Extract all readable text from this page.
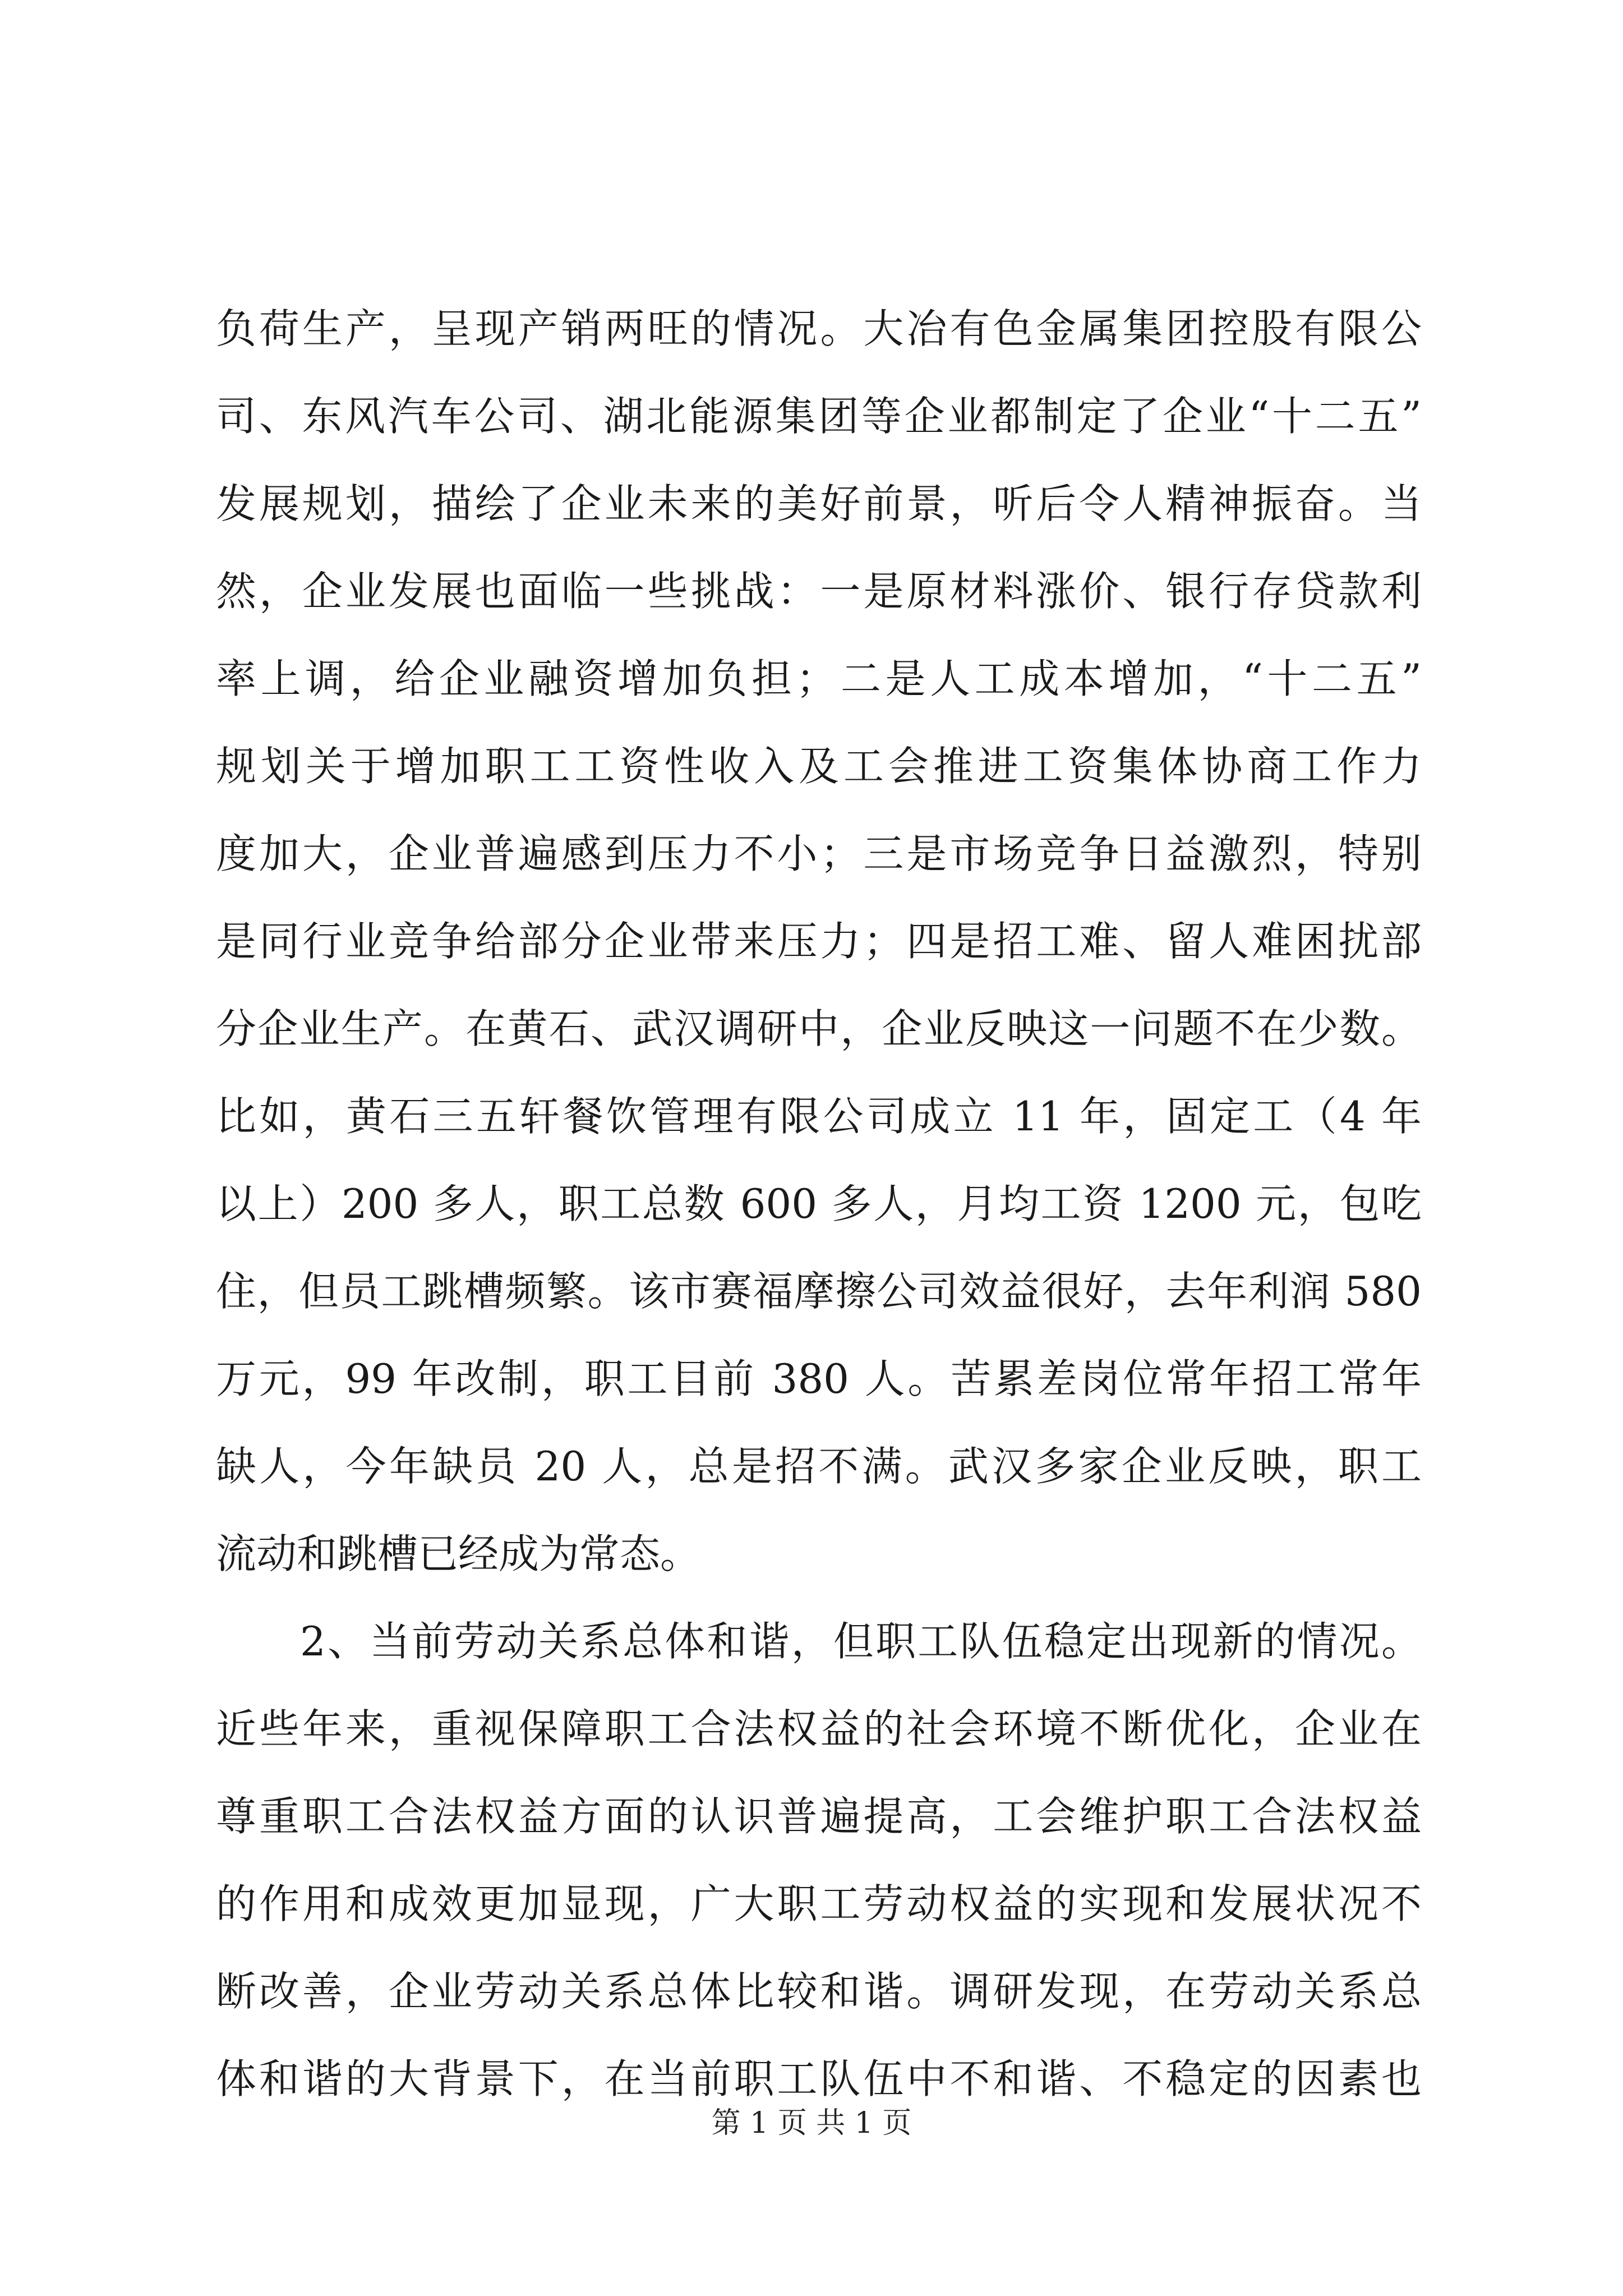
负荷生产，呈现产销两旺的情况。大冶有色金属集团控股有限公
司、东风汽车公司、湖北能源集团等企业都制定了企业“十二五”
发展规划，描绘了企业未来的美好前景，听后令人精神振奋。当
然，企业发展也面临一些挑战：一是原材料涨价、银行存贷款利
率上调，给企业融资增加负担；二是人工成本增加，“十二五”
规划关于增加职工工资性收入及工会推进工资集体协商工作力
度加大，企业普遍感到压力不小；三是市场竞争日益激烈，特别
是同行业竞争给部分企业带来压力；四是招工难、留人难困扰部
分企业生产。在黄石、武汉调研中，企业反映这一问题不在少数。
比如，黄石三五轩餐饮管理有限公司成立 11 年，固定工（4 年
以上）200 多人，职工总数 600 多人，月均工资 1200 元，包吃
住，但员工跳槽频繁。该市赛福摩擦公司效益很好，去年利润 580
万元，99 年改制，职工目前 380 人。苦累差岗位常年招工常年
缺人，今年缺员 20 人，总是招不满。武汉多家企业反映，职工
流动和跳槽已经成为常态。
2、当前劳动关系总体和谐，但职工队伍稳定出现新的情况。
近些年来，重视保障职工合法权益的社会环境不断优化，企业在
尊重职工合法权益方面的认识普遍提高，工会维护职工合法权益
的作用和成效更加显现，广大职工劳动权益的实现和发展状况不
断改善，企业劳动关系总体比较和谐。调研发现，在劳动关系总
体和谐的大背景下，在当前职工队伍中不和谐、不稳定的因素也
第 1 页 共 1 页
